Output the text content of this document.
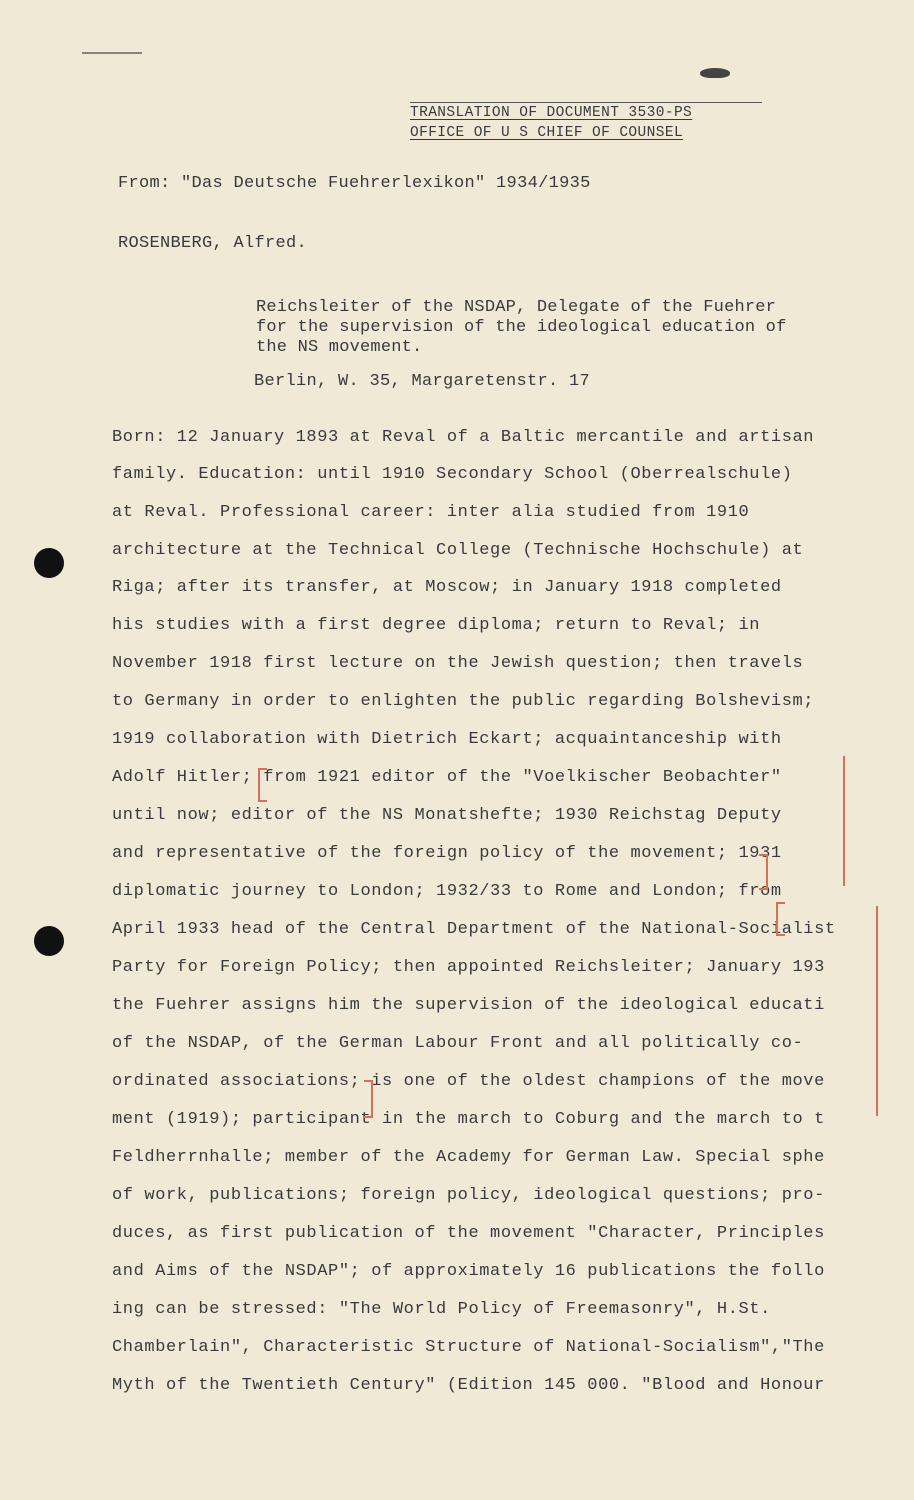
TRANSLATION OF DOCUMENT 3530-PS
OFFICE OF U S CHIEF OF COUNSEL
From: "Das Deutsche Fuehrerlexikon" 1934/1935
ROSENBERG, Alfred.
Reichsleiter of the NSDAP, Delegate of the Fuehrer
for the supervision of the ideological education of
the NS movement.
Berlin, W. 35, Margaretenstr. 17
Born: 12 January 1893 at Reval of a Baltic mercantile and artisan
family. Education: until 1910 Secondary School (Oberrealschule)
at Reval. Professional career: inter alia studied from 1910
architecture at the Technical College (Technische Hochschule) at
Riga; after its transfer, at Moscow; in January 1918 completed
his studies with a first degree diploma; return to Reval; in
November 1918 first lecture on the Jewish question; then travels
to Germany in order to enlighten the public regarding Bolshevism;
1919 collaboration with Dietrich Eckart; acquaintanceship with
Adolf Hitler; from 1921 editor of the "Voelkischer Beobachter"
until now; editor of the NS Monatshefte; 1930 Reichstag Deputy
and representative of the foreign policy of the movement; 1931
diplomatic journey to London; 1932/33 to Rome and London; from
April 1933 head of the Central Department of the National-Socialist
Party for Foreign Policy; then appointed Reichsleiter; January 193
the Fuehrer assigns him the supervision of the ideological educati
of the NSDAP, of the German Labour Front and all politically co-
ordinated associations; is one of the oldest champions of the move
ment (1919); participant in the march to Coburg and the march to t
Feldherrnhalle; member of the Academy for German Law. Special sphe
of work, publications; foreign policy, ideological questions; pro-
duces, as first publication of the movement "Character, Principles
and Aims of the NSDAP"; of approximately 16 publications the follo
ing can be stressed: "The World Policy of Freemasonry", H.St.
Chamberlain", Characteristic Structure of National-Socialism","The
Myth of the Twentieth Century" (Edition 145 000. "Blood and Honour
